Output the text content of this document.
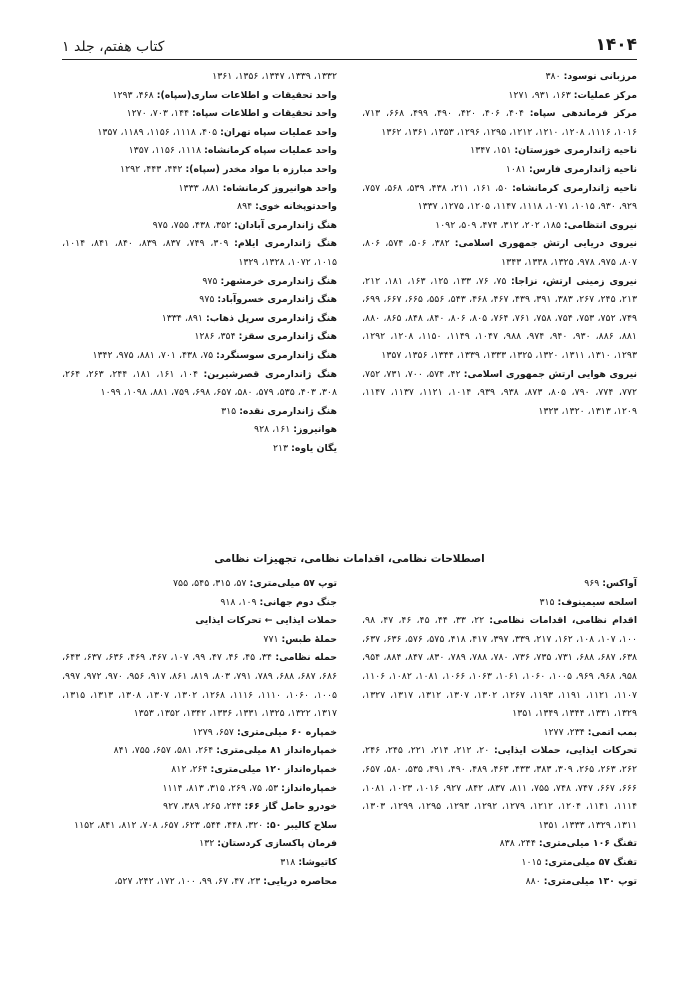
۱۴۰۴
کتاب هفتم، جلد ۱
مرزبانی نوسود: ۳۸۰
مرکز عملیات: ۱۶۳، ۹۳۱، ۱۲۷۱
مرکز فرماندهی سپاه: ۴۰۴، ۴۰۶، ۴۲۰، ۴۹۰، ۴۹۹، ۶۶۸، ۷۱۳، ۱۰۱۶، ۱۱۱۶، ۱۲۰۸، ۱۲۱۰، ۱۲۱۲، ۱۲۹۵، ۱۲۹۶، ۱۳۵۳، ۱۳۶۱، ۱۳۶۲
ناحیه ژاندارمری خوزستان: ۱۵۱، ۱۳۴۷
ناحیه ژاندارمری فارس: ۱۰۸۱
ناحیه ژاندارمری کرمانشاه: ۵۰، ۱۶۱، ۲۱۱، ۴۳۸، ۵۳۹، ۵۶۸، ۷۵۷، ۹۲۹، ۹۳۰، ۱۰۱۵، ۱۰۷۱، ۱۱۱۸، ۱۱۴۷، ۱۲۰۵، ۱۲۷۵، ۱۳۳۷
نیروی انتظامی: ۱۸۵، ۲۰۲، ۳۱۲، ۴۷۴، ۵۰۹، ۱۰۹۲
نیروی دریایی ارتش جمهوری اسلامی: ۳۸۲، ۵۰۶، ۵۷۴، ۸۰۶، ۸۰۷، ۹۷۵، ۹۷۸، ۱۳۲۵، ۱۳۳۸، ۱۳۴۳
نیروی زمینی ارتش، نزاجا: ۷۵، ۷۶، ۱۳۳، ۱۲۵، ۱۶۳، ۱۸۱، ۲۱۲، ۲۱۳، ۲۴۵، ۲۶۷، ۳۸۳، ۳۹۱، ۴۳۹، ۴۶۷، ۴۶۸، ۵۴۳، ۵۵۶، ۶۶۵، ۶۶۷، ۶۹۹، ۷۴۹، ۷۵۲، ۷۵۳، ۷۵۴، ۷۵۸، ۷۶۱، ۷۶۴، ۸۰۵، ۸۰۶، ۸۴۰، ۸۴۸، ۸۶۵، ۸۸۰، ۸۸۱، ۸۸۶، ۹۳۰، ۹۴۰، ۹۷۴، ۹۸۸، ۱۰۴۷، ۱۱۴۹، ۱۱۵۰، ۱۲۰۸، ۱۲۹۲، ۱۲۹۳، ۱۳۱۰، ۱۳۱۱، ۱۳۲۰، ۱۳۲۵، ۱۳۳۳، ۱۳۳۹، ۱۳۴۴، ۱۳۵۶، ۱۳۵۷
نیروی هوایی ارتش جمهوری اسلامی: ۴۲، ۵۷۴، ۷۰۰، ۷۳۱، ۷۵۲، ۷۷۲، ۷۷۴، ۷۹۰، ۸۰۵، ۸۷۳، ۹۳۸، ۹۳۹، ۱۰۱۴، ۱۱۲۱، ۱۱۳۷، ۱۱۴۷، ۱۲۰۹، ۱۳۱۳، ۱۳۲۰، ۱۳۲۳
۱۳۳۲، ۱۳۳۹، ۱۳۴۷، ۱۳۵۶، ۱۳۶۱
واحد تحقیقات و اطلاعات ساری(سپاه): ۴۶۸، ۱۲۹۳
واحد تحقیقات و اطلاعات سپاه: ۱۴۴، ۷۰۳، ۱۲۷۰
واحد عملیات سپاه تهران: ۴۰۵، ۱۱۱۸، ۱۱۵۶، ۱۱۸۹، ۱۳۵۷
واحد عملیات سپاه کرمانشاه: ۱۱۱۸، ۱۱۵۶، ۱۳۵۷
واحد مبارزه با مواد مخدر (سپاه): ۴۴۲، ۴۴۳، ۱۲۹۲
واحد هوانیروز کرمانشاه: ۸۸۱، ۱۳۳۳
واحدتوپخانه خوی: ۸۹۴
هنگ ژاندارمری آبادان: ۳۵۲، ۴۳۸، ۷۵۵، ۹۷۵
هنگ ژاندارمری ایلام: ۳۰۹، ۷۴۹، ۸۳۷، ۸۳۹، ۸۴۰، ۸۴۱، ۱۰۱۴، ۱۰۱۵، ۱۰۷۲، ۱۳۲۸، ۱۳۲۹
هنگ ژاندارمری خرمشهر: ۹۷۵
هنگ ژاندارمری خسروآباد: ۹۷۵
هنگ ژاندارمری سرپل ذهاب: ۸۹۱، ۱۳۳۴
هنگ ژاندارمری سقز: ۳۵۴، ۱۲۸۶
هنگ ژاندارمری سوسنگرد: ۷۵، ۴۳۸، ۷۰۱، ۸۸۱، ۹۷۵، ۱۳۴۲
هنگ ژاندارمری قصرشیرین: ۱۰۴، ۱۶۱، ۱۸۱، ۲۴۴، ۲۶۳، ۲۶۴، ۳۰۸، ۴۰۳، ۵۳۵، ۵۷۹، ۵۸۰، ۶۵۷، ۶۹۸، ۷۵۹، ۸۸۱، ۱۰۹۸، ۱۰۹۹
هنگ ژاندارمری نقده: ۳۱۵
هوانیروز: ۱۶۱، ۹۲۸
یگان یاوه: ۲۱۳
اصطلاحات نظامی، اقدامات نظامی، تجهیزات نظامی
آواکس: ۹۶۹
اسلحه سیمینوف: ۳۱۵
اقدام نظامی، اقدامات نظامی: ۲۲، ۳۳، ۴۴، ۴۵، ۴۶، ۴۷، ۹۸، ۱۰۰، ۱۰۷، ۱۰۸، ۱۶۲، ۲۱۷، ۳۳۹، ۳۹۷، ۴۱۷، ۴۱۸، ۵۷۵، ۵۷۶، ۶۳۶، ۶۳۷، ۶۳۸، ۶۸۷، ۶۸۸، ۷۳۱، ۷۳۵، ۷۳۶، ۷۸۰، ۷۸۸، ۷۸۹، ۸۳۰، ۸۴۷، ۸۸۴، ۹۵۴، ۹۵۸، ۹۶۸، ۹۶۹، ۱۰۰۵، ۱۰۶۰، ۱۰۶۱، ۱۰۶۳، ۱۰۶۶، ۱۰۸۱، ۱۰۸۲، ۱۱۰۶، ۱۱۰۷، ۱۱۲۱، ۱۱۹۱، ۱۱۹۳، ۱۲۶۷، ۱۳۰۲، ۱۳۰۷، ۱۳۱۲، ۱۳۱۷، ۱۳۲۷، ۱۳۲۹، ۱۳۳۱، ۱۳۴۴، ۱۳۴۹، ۱۳۵۱
بمب اتمی: ۲۳۴، ۱۲۷۷
تحرکات ایذایی، حملات ایذایی: ۲۰، ۲۱۲، ۲۱۴، ۲۲۱، ۲۴۵، ۲۴۶، ۲۶۲، ۲۶۳، ۲۶۵، ۳۰۹، ۳۸۳، ۴۳۳، ۴۶۳، ۴۸۹، ۴۹۰، ۴۹۱، ۵۳۵، ۵۸۰، ۶۵۷، ۶۶۶، ۶۶۷، ۷۴۷، ۷۴۸، ۷۵۵، ۸۱۱، ۸۳۷، ۸۴۲، ۹۲۷، ۱۰۱۶، ۱۰۲۳، ۱۰۸۱، ۱۱۱۴، ۱۱۴۱، ۱۲۰۴، ۱۲۱۲، ۱۲۷۹، ۱۲۹۲، ۱۲۹۳، ۱۲۹۵، ۱۲۹۹، ۱۳۰۳، ۱۳۱۱، ۱۳۲۹، ۱۳۳۳، ۱۳۵۱
تفنگ ۱۰۶ میلی‌متری: ۲۴۴، ۸۳۸
تفنگ ۵۷ میلی‌متری: ۱۰۱۵
توپ ۱۳۰ میلی‌متری: ۸۸۰
توپ ۵۷ میلی‌متری: ۵۷، ۳۱۵، ۵۴۵، ۷۵۵
جنگ دوم جهانی: ۱۰۹، ۹۱۸
حملات ایذایی ← تحرکات ایذایی
حملهٔ طبس: ۷۷۱
حمله نظامی: ۳۴، ۴۵، ۴۶، ۴۷، ۹۹، ۱۰۷، ۴۶۷، ۴۶۹، ۶۳۶، ۶۳۷، ۶۴۳، ۶۸۶، ۶۸۷، ۶۸۸، ۷۸۹، ۷۹۱، ۸۰۳، ۸۱۹، ۸۶۱، ۹۱۷، ۹۵۶، ۹۷۰، ۹۷۲، ۹۹۷، ۱۰۰۵، ۱۰۶۰، ۱۱۱۰، ۱۱۱۶، ۱۲۶۸، ۱۳۰۲، ۱۳۰۷، ۱۳۰۸، ۱۳۱۳، ۱۳۱۵، ۱۳۱۷، ۱۳۲۲، ۱۳۲۵، ۱۳۳۱، ۱۳۳۶، ۱۳۴۲، ۱۳۵۲، ۱۳۵۳
خمپاره ۶۰ میلی‌متری: ۶۵۷، ۱۲۷۹
خمپاره‌انداز ۸۱ میلی‌متری: ۲۶۴، ۵۸۱، ۶۵۷، ۷۵۵، ۸۴۱
خمپاره‌انداز ۱۲۰ میلی‌متری: ۲۶۴، ۸۱۲
خمپاره‌انداز: ۵۳، ۷۵، ۲۶۹، ۳۱۵، ۸۱۳، ۱۱۱۴
خودرو حامل گاز ۶۶: ۲۴۴، ۲۶۵، ۳۸۹، ۹۲۷
سلاح کالیبر ۵۰: ۳۲۰، ۴۴۸، ۵۴۴، ۶۲۳، ۶۵۷، ۷۰۸، ۸۱۲، ۸۴۱، ۱۱۵۲
فرمان پاکسازی کردستان: ۱۳۲
کاتیوشا: ۳۱۸
محاصره دریایی: ۲۳، ۴۷، ۶۷، ۹۹، ۱۰۰، ۱۷۲، ۲۴۲، ۵۲۷،
